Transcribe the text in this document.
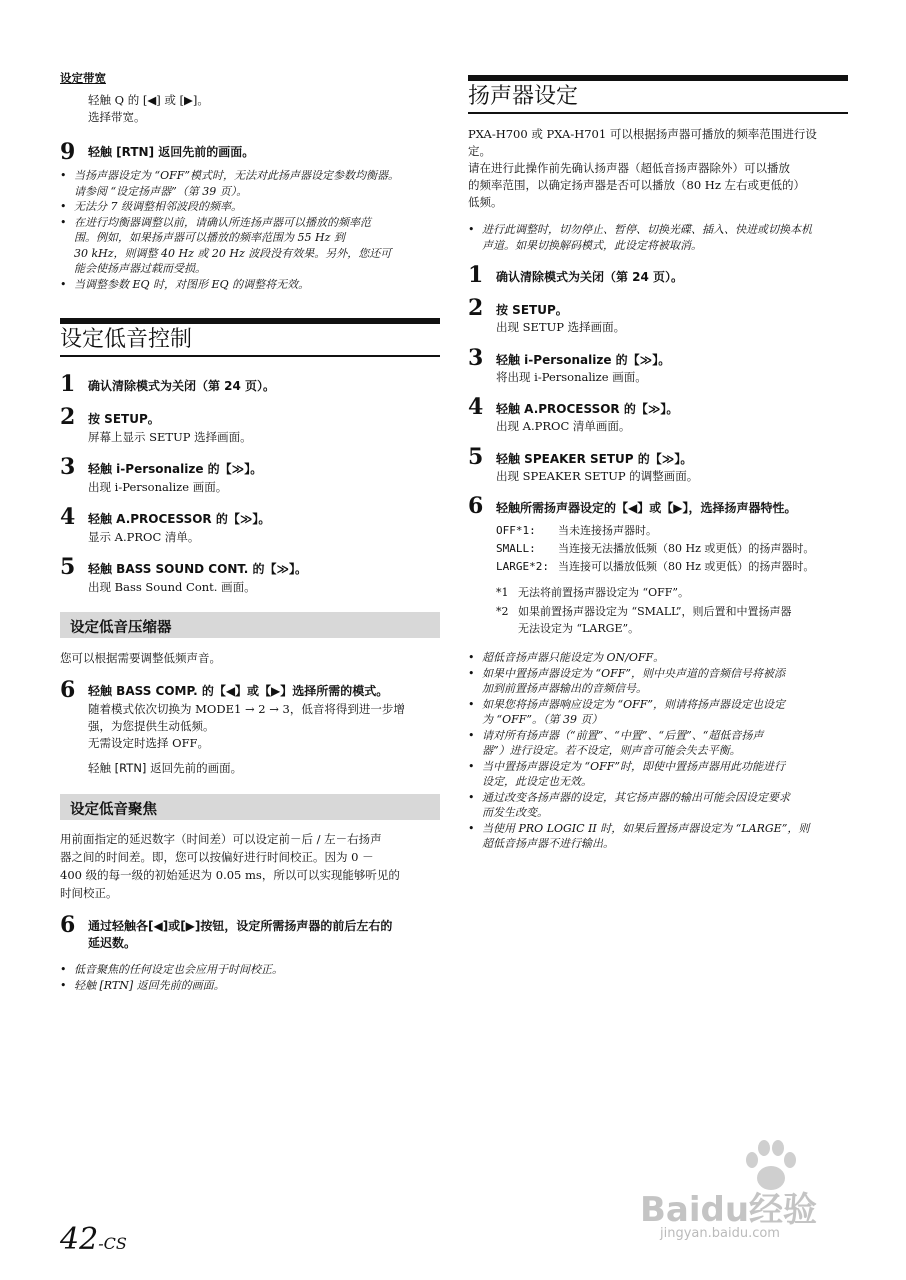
设定带宽
轻触 Q 的 [◀] 或 [▶]。
选择带宽。
9 轻触 [RTN] 返回先前的画面。
• 当扬声器设定为 “OFF”模式时，无法对此扬声器设定参数均衡器。
请参阅 “设定扬声器”（第 39 页）。
• 无法分 7 级调整相邻波段的频率。
• 在进行均衡器调整以前，请确认所连扬声器可以播放的频率范
围。例如，如果扬声器可以播放的频率范围为 55 Hz 到
30 kHz，则调整 40 Hz 或 20 Hz 波段没有效果。另外，您还可
能会使扬声器过载而受损。
• 当调整参数 EQ 时，对图形 EQ 的调整将无效。
设定低音控制
1 确认清除模式为关闭（第 24 页）。
2 按 SETUP。
屏幕上显示 SETUP 选择画面。
3 轻触 i-Personalize 的【≫】。
出现 i-Personalize 画面。
4 轻触 A.PROCESSOR 的【≫】。
显示 A.PROC 清单。
5 轻触 BASS SOUND CONT. 的【≫】。
出现 Bass Sound Cont. 画面。
设定低音压缩器
您可以根据需要调整低频声音。
6 轻触 BASS COMP. 的【◀】或【▶】选择所需的模式。
随着模式依次切换为 MODE1 → 2 → 3，低音将得到进一步增
强，为您提供生动低频。
无需设定时选择 OFF。
轻触 [RTN] 返回先前的画面。
设定低音聚焦
用前面指定的延迟数字（时间差）可以设定前－后 / 左－右扬声
器之间的时间差。即，您可以按偏好进行时间校正。因为 0 －
400 级的每一级的初始延迟为 0.05 ms，所以可以实现能够听见的
时间校正。
6 通过轻触各[◀]或[▶]按钮，设定所需扬声器的前后左右的
延迟数。
• 低音聚焦的任何设定也会应用于时间校正。
• 轻触 [RTN] 返回先前的画面。
42-CS
扬声器设定
PXA-H700 或 PXA-H701 可以根据扬声器可播放的频率范围进行设
定。
请在进行此操作前先确认扬声器（超低音扬声器除外）可以播放
的频率范围，以确定扬声器是否可以播放（80 Hz 左右或更低的）
低频。
• 进行此调整时，切勿停止、暂停、切换光碟、插入、快进或切换本机
声道。如果切换解码模式，此设定将被取消。
1 确认清除模式为关闭（第 24 页）。
2 按 SETUP。
出现 SETUP 选择画面。
3 轻触 i-Personalize 的【≫】。
将出现 i-Personalize 画面。
4 轻触 A.PROCESSOR 的【≫】。
出现 A.PROC 清单画面。
5 轻触 SPEAKER SETUP 的【≫】。
出现 SPEAKER SETUP 的调整画面。
6 轻触所需扬声器设定的【◀】或【▶】，选择扬声器特性。
OFF*1: 当未连接扬声器时。
SMALL: 当连接无法播放低频（80 Hz 或更低）的扬声器时。
LARGE*2: 当连接可以播放低频（80 Hz 或更低）的扬声器时。
*1 无法将前置扬声器设定为 “OFF”。
*2 如果前置扬声器设定为 “SMALL”，则后置和中置扬声器
无法设定为 “LARGE”。
• 超低音扬声器只能设定为 ON/OFF。
• 如果中置扬声器设定为 “OFF”，则中央声道的音频信号将被添
加到前置扬声器输出的音频信号。
• 如果您将扬声器响应设定为 “OFF”，则请将扬声器设定也设定
为 “OFF”。（第 39 页）
• 请对所有扬声器（“前置”、“中置”、“后置”、“超低音扬声
器”）进行设定。若不设定，则声音可能会失去平衡。
• 当中置扬声器设定为 “OFF”时，即使中置扬声器用此功能进行
设定，此设定也无效。
• 通过改变各扬声器的设定，其它扬声器的输出可能会因设定要求
而发生改变。
• 当使用 PRO LOGIC II 时，如果后置扬声器设定为 “LARGE”，则
超低音扬声器不进行输出。
Baidu经验
jingyan.baidu.com
